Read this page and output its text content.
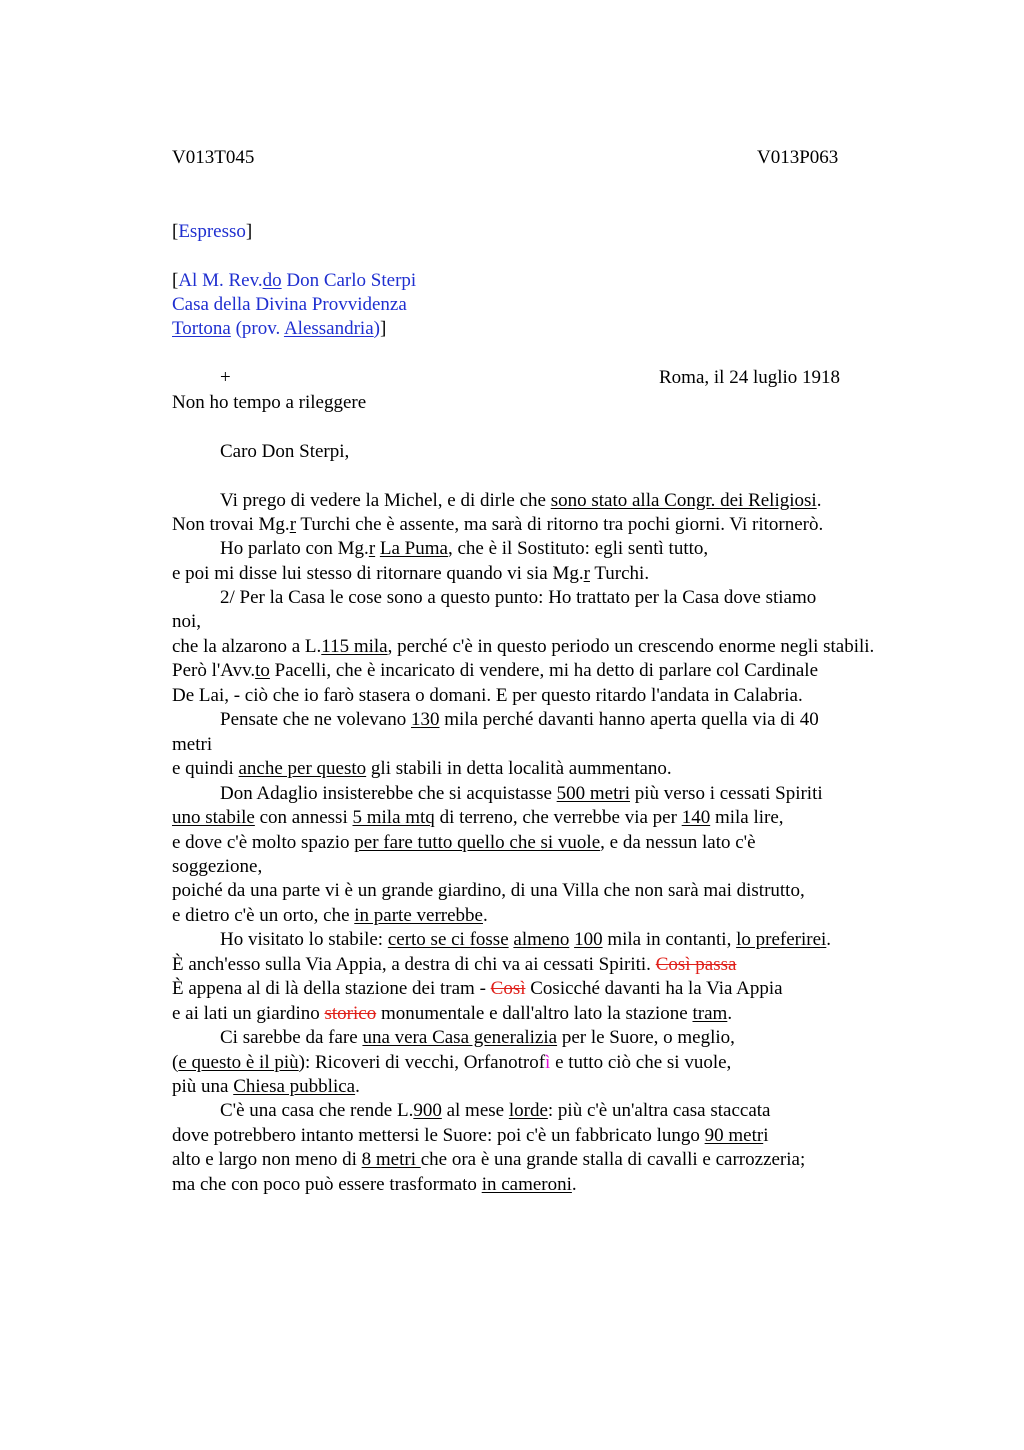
V013T045	V013P063
[Espresso]
[Al M. Rev.do Don Carlo Sterpi
Casa della Divina Provvidenza
Tortona (prov. Alessandria)]
+	Roma, il 24 luglio 1918
Non ho tempo a rileggere
Caro Don Sterpi,
Vi prego di vedere la Michel, e di dirle che sono stato alla Congr. dei Religiosi.
Non trovai Mg.r Turchi che è assente, ma sarà di ritorno tra pochi giorni. Vi ritornerò.
Ho parlato con Mg.r La Puma, che è il Sostituto: egli sentì tutto,
e poi mi disse lui stesso di ritornare quando vi sia Mg.r Turchi.
2/ Per la Casa le cose sono a questo punto: Ho trattato per la Casa dove stiamo
noi,
che la alzarono a L.115 mila, perché c'è in questo periodo un crescendo enorme negli stabili.
Però l'Avv.to Pacelli, che è incaricato di vendere, mi ha detto di parlare col Cardinale
De Lai, - ciò che io farò stasera o domani. E per questo ritardo l'andata in Calabria.
Pensate che ne volevano 130 mila perché davanti hanno aperta quella via di 40
metri
e quindi anche per questo gli stabili in detta località aummentano.
Don Adaglio insisterebbe che si acquistasse 500 metri più verso i cessati Spiriti
uno stabile con annessi 5 mila mtq di terreno, che verrebbe via per 140 mila lire,
e dove c'è molto spazio per fare tutto quello che si vuole, e da nessun lato c'è
soggezione,
poiché da una parte vi è un grande giardino, di una Villa che non sarà mai distrutto,
e dietro c'è un orto, che in parte verrebbe.
Ho visitato lo stabile: certo se ci fosse almeno 100 mila in contanti, lo preferirei.
È anch'esso sulla Via Appia, a destra di chi va ai cessati Spiriti. Così passa
È appena al di là della stazione dei tram - Così Cosicché davanti ha la Via Appia
e ai lati un giardino storico monumentale e dall'altro lato la stazione tram.
Ci sarebbe da fare una vera Casa generalizia per le Suore, o meglio,
(e questo è il più): Ricoveri di vecchi, Orfanotrofì e tutto ciò che si vuole,
più una Chiesa pubblica.
C'è una casa che rende L.900 al mese lorde: più c'è un'altra casa staccata
dove potrebbero intanto mettersi le Suore: poi c'è un fabbricato lungo 90 metri
alto e largo non meno di 8 metri che ora è una grande stalla di cavalli e carrozzeria;
ma che con poco può essere trasformato in cameroni.
